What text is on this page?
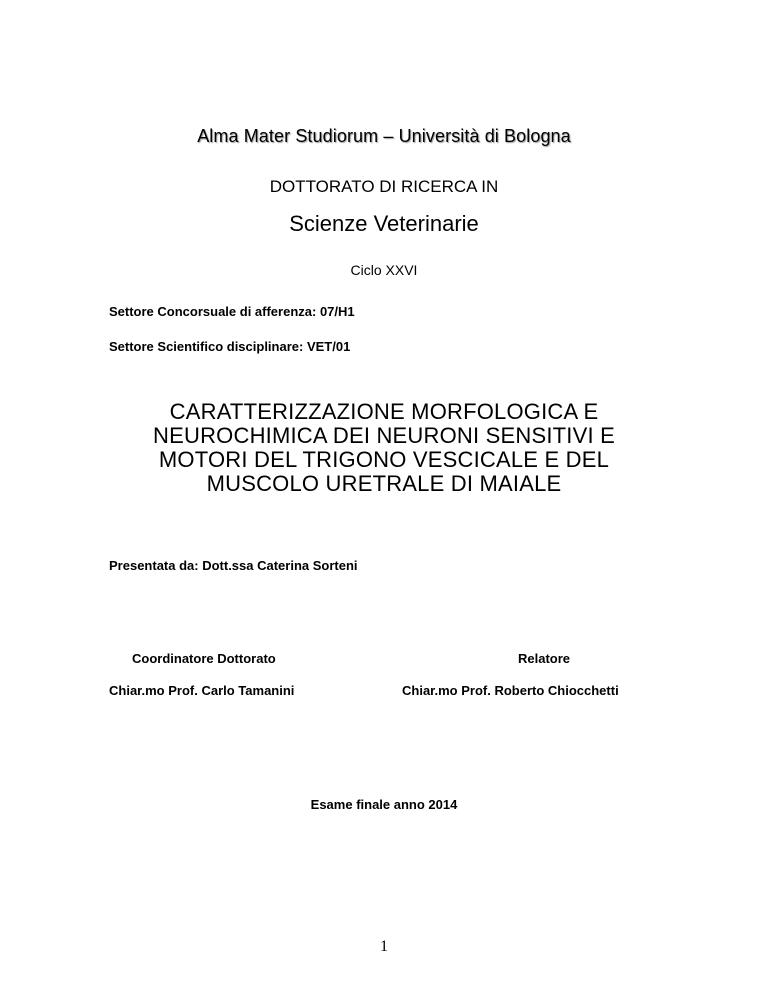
Alma Mater Studiorum – Università di Bologna
DOTTORATO DI RICERCA IN
Scienze Veterinarie
Ciclo XXVI
Settore Concorsuale di afferenza: 07/H1
Settore Scientifico disciplinare: VET/01
CARATTERIZZAZIONE MORFOLOGICA E
NEUROCHIMICA DEI NEURONI SENSITIVI E
MOTORI DEL TRIGONO VESCICALE E DEL
MUSCOLO URETRALE DI MAIALE
Presentata da: Dott.ssa Caterina Sorteni
Coordinatore Dottorato	Relatore
Chiar.mo Prof. Carlo Tamanini	Chiar.mo Prof. Roberto Chiocchetti
Esame finale anno 2014
1
